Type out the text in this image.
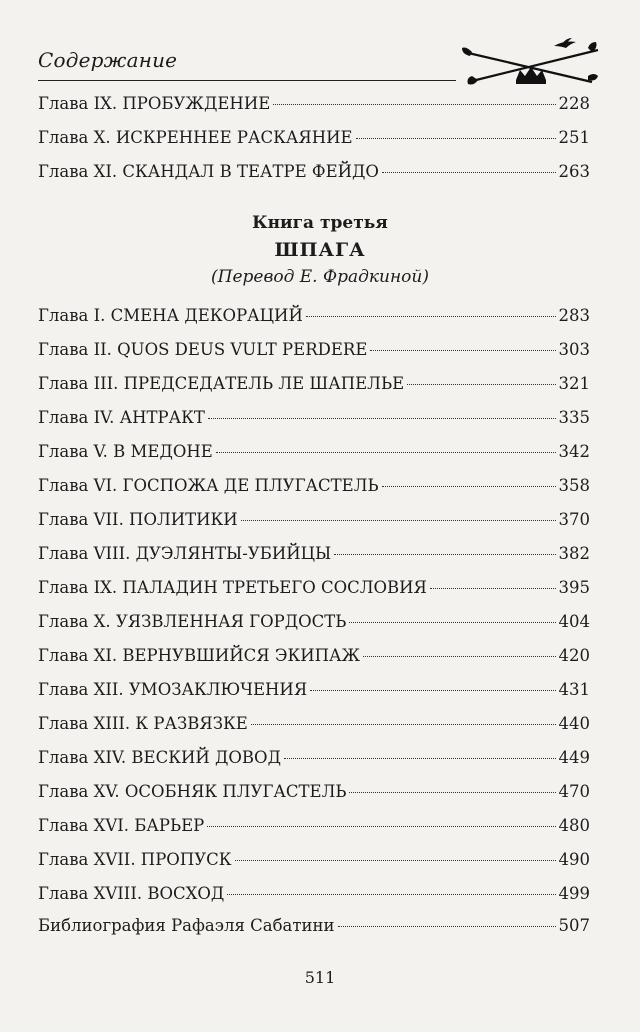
Содержание
Глава IX. ПРОБУЖДЕНИЕ	228
Глава X. ИСКРЕННЕЕ РАСКАЯНИЕ	251
Глава XI. СКАНДАЛ В ТЕАТРЕ ФЕЙДО	263
Книга третья
ШПАГА
(Перевод Е. Фрадкиной)
Глава I. СМЕНА ДЕКОРАЦИЙ	283
Глава II. QUOS DEUS VULT PERDERE	303
Глава III. ПРЕДСЕДАТЕЛЬ ЛЕ ШАПЕЛЬЕ	321
Глава IV. АНТРАКТ	335
Глава V. В МЕДОНЕ	342
Глава VI. ГОСПОЖА ДЕ ПЛУГАСТЕЛЬ	358
Глава VII. ПОЛИТИКИ	370
Глава VIII. ДУЭЛЯНТЫ-УБИЙЦЫ	382
Глава IX. ПАЛАДИН ТРЕТЬЕГО СОСЛОВИЯ	395
Глава X. УЯЗВЛЕННАЯ ГОРДОСТЬ	404
Глава XI. ВЕРНУВШИЙСЯ ЭКИПАЖ	420
Глава XII. УМОЗАКЛЮЧЕНИЯ	431
Глава XIII. К РАЗВЯЗКЕ	440
Глава XIV. ВЕСКИЙ ДОВОД	449
Глава XV. ОСОБНЯК ПЛУГАСТЕЛЬ	470
Глава XVI. БАРЬЕР	480
Глава XVII. ПРОПУСК	490
Глава XVIII. ВОСХОД	499
Библиография Рафаэля Сабатини	507
511
